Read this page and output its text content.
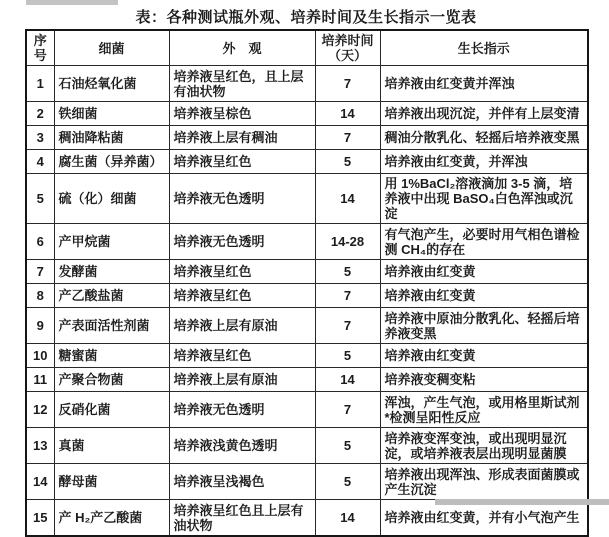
表：各种测试瓶外观、培养时间及生长指示一览表
序号	细菌	外　观	培养时间（天）	生长指示
1	石油烃氧化菌	培养液呈红色，且上层有油状物	7	培养液由红变黄并浑浊
2	铁细菌	培养液呈棕色	14	培养液出现沉淀，并伴有上层变清
3	稠油降粘菌	培养液上层有稠油	7	稠油分散乳化、轻摇后培养液变黑
4	腐生菌（异养菌）	培养液呈红色	5	培养液由红变黄，并浑浊
5	硫（化）细菌	培养液无色透明	14	用 1%BaCl₂溶液滴加 3-5 滴，培养液中出现 BaSO₄白色浑浊或沉淀
6	产甲烷菌	培养液无色透明	14-28	有气泡产生，必要时用气相色谱检测 CH₄的存在
7	发酵菌	培养液呈红色	5	培养液由红变黄
8	产乙酸盐菌	培养液呈红色	7	培养液由红变黄
9	产表面活性剂菌	培养液上层有原油	7	培养液中原油分散乳化、轻摇后培养液变黑
10	糖蜜菌	培养液呈红色	5	培养液由红变黄
11	产聚合物菌	培养液上层有原油	14	培养液变稠变粘
12	反硝化菌	培养液无色透明	7	浑浊，产生气泡，或用格里斯试剂*检测呈阳性反应
13	真菌	培养液浅黄色透明	5	培养液变浑变浊，或出现明显沉淀，或培养液表层出现明显菌膜
14	酵母菌	培养液呈浅褐色	5	培养液出现浑浊、形成表面菌膜或产生沉淀
15	产 H₂产乙酸菌	培养液呈红色且上层有油状物	14	培养液由红变黄，并有小气泡产生
